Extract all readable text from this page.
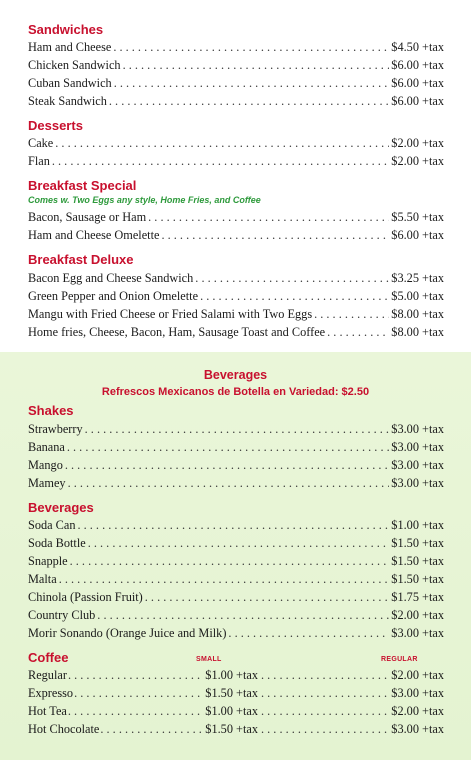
Sandwiches
Ham and Cheese . . .	$4.50 +tax
Chicken Sandwich . . .	$6.00 +tax
Cuban Sandwich . . .	$6.00 +tax
Steak Sandwich . . .	$6.00 +tax
Desserts
Cake . . .	$2.00 +tax
Flan . . .	$2.00 +tax
Breakfast Special
Comes w. Two Eggs any style, Home Fries, and Coffee
Bacon, Sausage or Ham . . .	$5.50 +tax
Ham and Cheese Omelette . . .	$6.00 +tax
Breakfast Deluxe
Bacon Egg and Cheese Sandwich . . .	$3.25 +tax
Green Pepper and Onion Omelette . . .	$5.00 +tax
Mangu with Fried Cheese or Fried Salami with Two Eggs . . .	$8.00 +tax
Home fries, Cheese, Bacon, Ham, Sausage Toast and Coffee . . .	$8.00 +tax
Beverages
Refrescos Mexicanos de Botella en Variedad: $2.50
Shakes
Strawberry . . .	$3.00 +tax
Banana . . .	$3.00 +tax
Mango . . .	$3.00 +tax
Mamey . . .	$3.00 +tax
Beverages
Soda Can . . .	$1.00 +tax
Soda Bottle . . .	$1.50 +tax
Snapple . . .	$1.50 +tax
Malta . . .	$1.50 +tax
Chinola (Passion Fruit) . . .	$1.75 +tax
Country Club . . .	$2.00 +tax
Morir Sonando (Orange Juice and Milk) . . .	$3.00 +tax
Coffee	SMALL	REGULAR
Regular . . .	$1.00 +tax . . .	$2.00 +tax
Expresso . . .	$1.50 +tax . . .	$3.00 +tax
Hot Tea . . .	$1.00 +tax . . .	$2.00 +tax
Hot Chocolate . . .	$1.50 +tax . . .	$3.00 +tax
